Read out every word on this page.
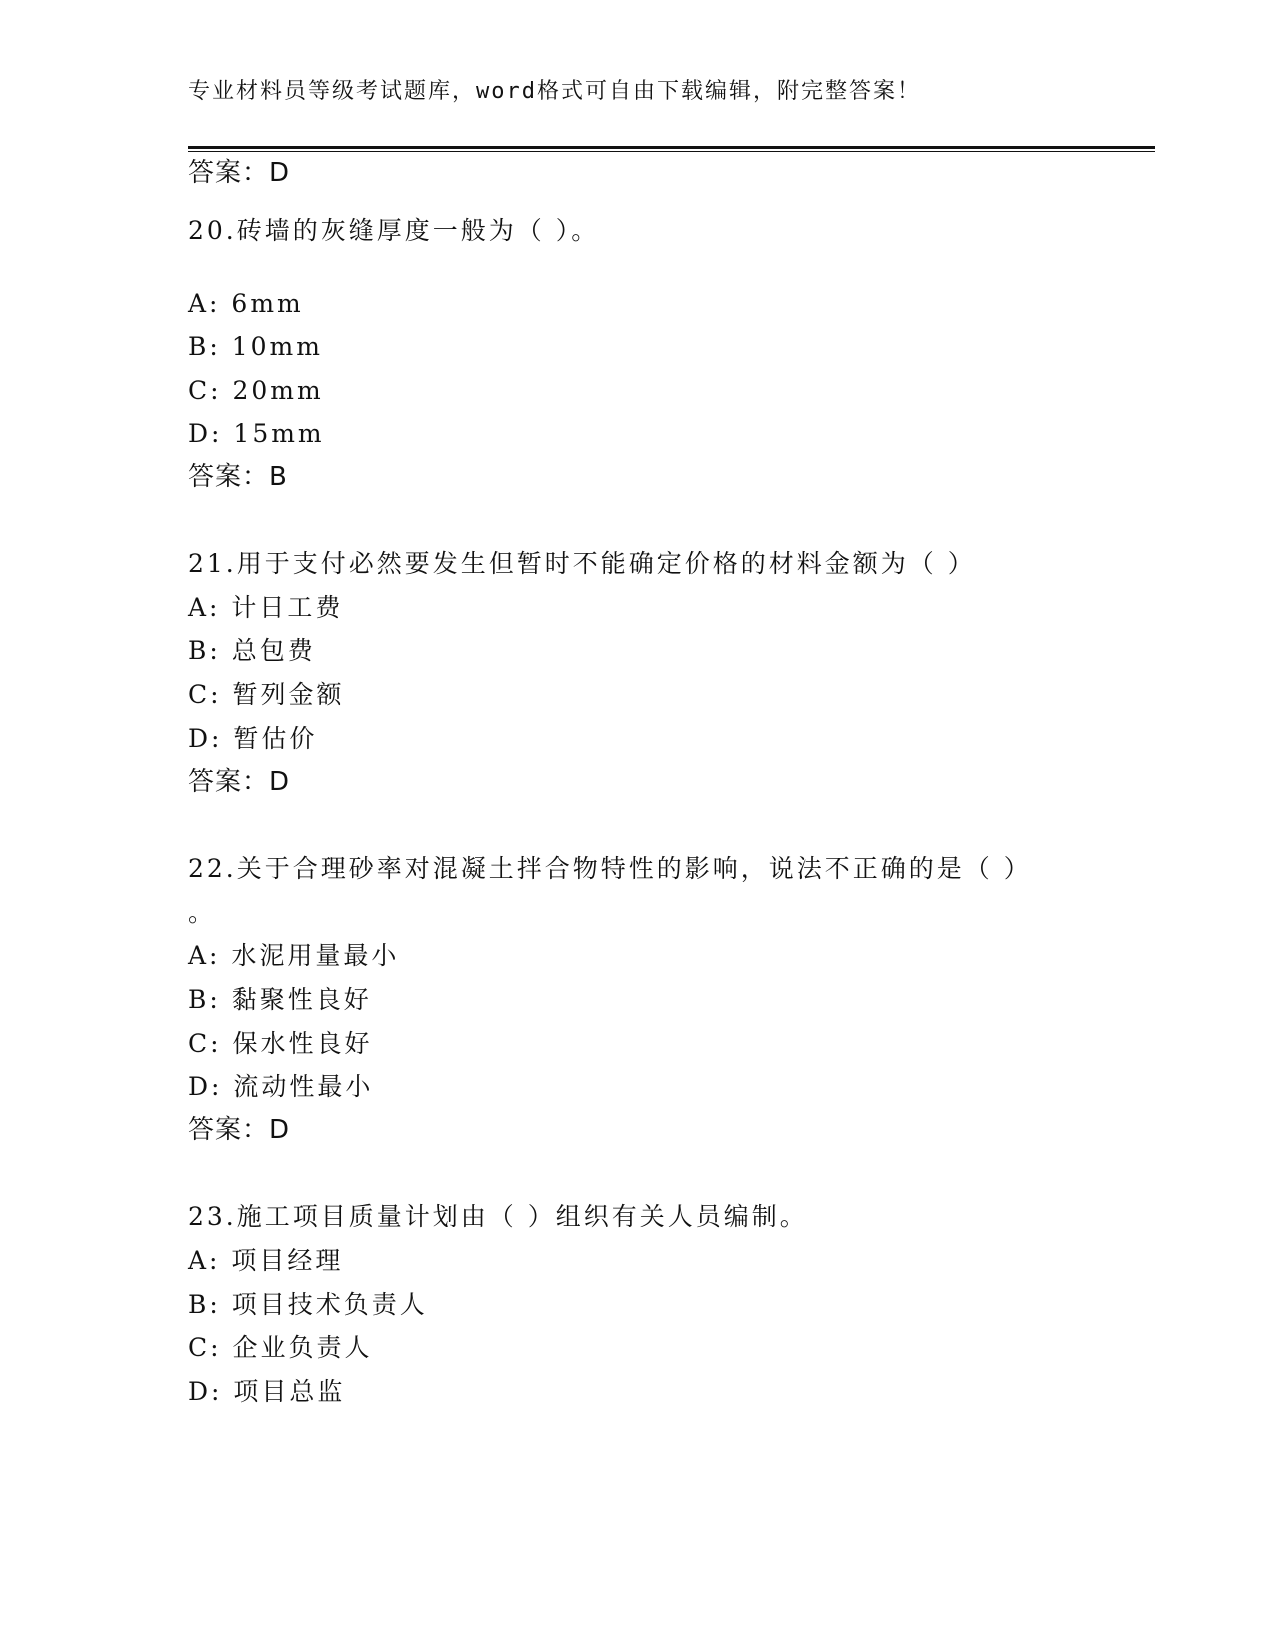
专业材料员等级考试题库，word格式可自由下载编辑，附完整答案！
答案：D
20.砖墙的灰缝厚度一般为（ ）。
A: 6mm
B: 10mm
C: 20mm
D: 15mm
答案：B
21.用于支付必然要发生但暂时不能确定价格的材料金额为（ ）
A: 计日工费
B: 总包费
C: 暂列金额
D: 暂估价
答案：D
22.关于合理砂率对混凝土拌合物特性的影响，说法不正确的是（ ）
。
A: 水泥用量最小
B: 黏聚性良好
C: 保水性良好
D: 流动性最小
答案：D
23.施工项目质量计划由（ ）组织有关人员编制。
A: 项目经理
B: 项目技术负责人
C: 企业负责人
D: 项目总监
